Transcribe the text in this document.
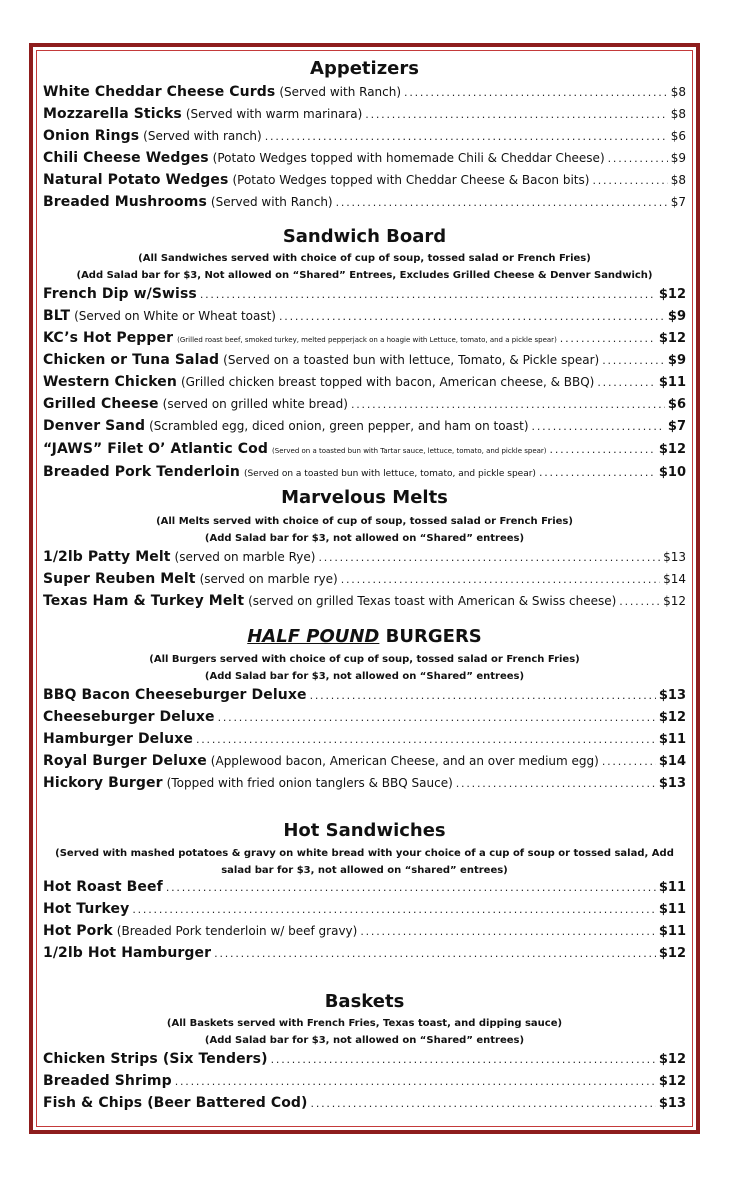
Appetizers
White Cheddar Cheese Curds (Served with Ranch) .....	$8
Mozzarella Sticks (Served with warm marinara) .....	$8
Onion Rings (Served with ranch) .....	$6
Chili Cheese Wedges (Potato Wedges topped with homemade Chili & Cheddar Cheese) .....	$9
Natural Potato Wedges (Potato Wedges topped with Cheddar Cheese & Bacon bits) .....	$8
Breaded Mushrooms (Served with Ranch) .....	$7
Sandwich Board
(All Sandwiches served with choice of cup of soup, tossed salad or French Fries)
(Add Salad bar for $3, Not allowed on “Shared” Entrees, Excludes Grilled Cheese & Denver Sandwich)
French Dip w/Swiss .....	$12
BLT (Served on White or Wheat toast) .....	$9
KC’s Hot Pepper (Grilled roast beef, smoked turkey, melted pepperjack on a hoagie with Lettuce, tomato, and a pickle spear) .....	$12
Chicken or Tuna Salad (Served on a toasted bun with lettuce, Tomato, & Pickle spear) .....	$9
Western Chicken (Grilled chicken breast topped with bacon, American cheese, & BBQ) .....	$11
Grilled Cheese (served on grilled white bread) .....	$6
Denver Sand (Scrambled egg, diced onion, green pepper, and ham on toast) .....	$7
“JAWS” Filet O’ Atlantic Cod (Served on a toasted bun with Tartar sauce, lettuce, tomato, and pickle spear) .....	$12
Breaded Pork Tenderloin (Served on a toasted bun with lettuce, tomato, and pickle spear) .....	$10
Marvelous Melts
(All Melts served with choice of cup of soup, tossed salad or French Fries)
(Add Salad bar for $3, not allowed on “Shared” entrees)
1/2lb Patty Melt (served on marble Rye) .....	$13
Super Reuben Melt (served on marble rye) .....	$14
Texas Ham & Turkey Melt (served on grilled Texas toast with American & Swiss cheese) .....	$12
HALF POUND BURGERS
(All Burgers served with choice of cup of soup, tossed salad or French Fries)
(Add Salad bar for $3, not allowed on “Shared” entrees)
BBQ Bacon Cheeseburger Deluxe .....	$13
Cheeseburger Deluxe .....	$12
Hamburger Deluxe .....	$11
Royal Burger Deluxe (Applewood bacon, American Cheese, and an over medium egg) .....	$14
Hickory Burger (Topped with fried onion tanglers & BBQ Sauce) .....	$13
Hot Sandwiches
(Served with mashed potatoes & gravy on white bread with your choice of a cup of soup or tossed salad, Add salad bar for $3, not allowed on “shared” entrees)
Hot Roast Beef .....	$11
Hot Turkey .....	$11
Hot Pork (Breaded Pork tenderloin w/ beef gravy) .....	$11
1/2lb Hot Hamburger .....	$12
Baskets
(All Baskets served with French Fries, Texas toast, and dipping sauce)
(Add Salad bar for $3, not allowed on “Shared” entrees)
Chicken Strips (Six Tenders) .....	$12
Breaded Shrimp .....	$12
Fish & Chips (Beer Battered Cod) .....	$13
